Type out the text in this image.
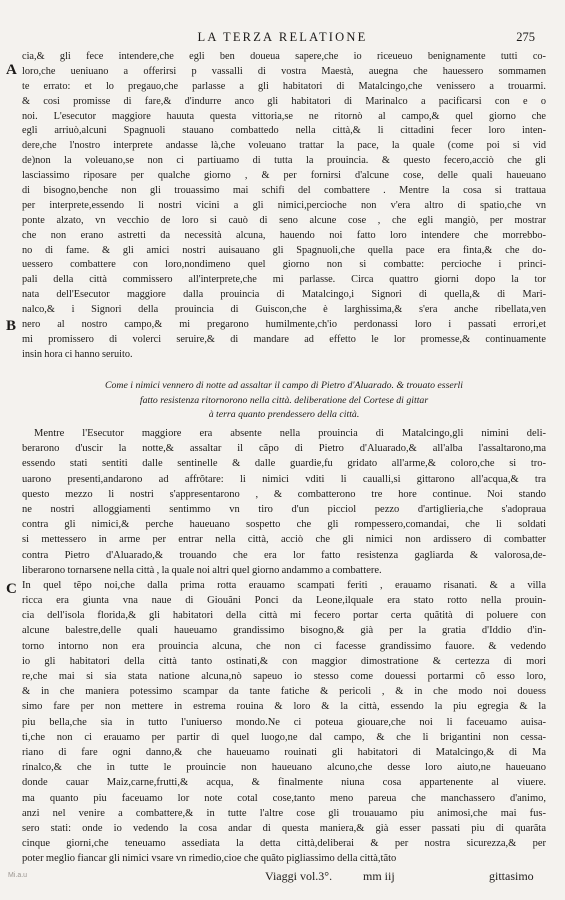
LA TERZA RELATIONE	275
A
B
C
cia,& gli fece intendere,che egli ben doueua sapere,che io riceueuo benignamente tutti co-
loro,che ueniuano a offerirsi p vassalli di vostra Maestà, auegna che hauessero sommamen
te errato: et lo pregauo,che parlasse a gli habitatori di Matalcingo,che venissero a trouarmi.
& cosi promisse di fare,& d'indurre anco gli habitatori di Marinalco a pacificarsi con e o
noi. L'esecutor maggiore hauuta questa vittoria,se ne ritornò al campo,& quel giorno che
egli arriuò,alcuni Spagnuoli stauano combattedo nella città,& li cittadini fecer loro inten-
dere,che l'nostro interprete andasse là,che voleuano trattar la pace, la quale (come poi si vid
de)non la voleuano,se non ci partiuamo di tutta la prouincia. & questo fecero,acciò che gli
lasciassimo riposare per qualche giorno , & per fornirsi d'alcune cose, delle quali haueuano
di bisogno,benche non gli trouassimo mai schifi del combattere . Mentre la cosa si trattaua
per interprete,essendo li nostri vicini a gli nimici,percioche non v'era altro di spatio,che vn
ponte alzato, vn vecchio de loro si cauò di seno alcune cose , che egli mangiò, per mostrar
che non erano astretti da necessità alcuna, hauendo noi fatto loro intendere che morrebbo-
no di fame. & gli amici nostri auisauano gli Spagnuoli,che quella pace era finta,& che do-
uessero combattere con loro,nondimeno quel giorno non si combatte: percioche i princi-
pali della città commissero all'interprete,che mi parlasse. Circa quattro giorni dopo la tor
nata dell'Esecutor maggiore dalla prouincia di Matalcingo,i Signori di quella,& di Mari-
nalco,& i Signori della prouincia di Guiscon,che è larghissima,& s'era anche ribellata,ven
nero al nostro campo,& mi pregarono humilmente,ch'io perdonassi loro i passati errori,et
mi promissero di volerci seruire,& di mandare ad effetto le lor promesse,& continuamente
insin hora ci hanno seruito.
Come i nimici vennero di notte ad assaltar il campo di Pietro d'Aluarado. & trouato esserli
fatto resistenza ritornorono nella città. deliberatione del Cortese di gittar
à terra quanto prendessero della città.
Mentre l'Esecutor maggiore era absente nella prouincia di Matalcingo,gli nimini deli-
berarono d'uscir la notte,& assaltar il cãpo di Pietro d'Aluarado,& all'alba l'assaltarono,ma
essendo stati sentiti dalle sentinelle & dalle guardie,fu gridato all'arme,& coloro,che si tro-
uarono presenti,andarono ad affrõtare: li nimici vditi li caualli,si gittarono all'acqua,& tra
questo mezzo li nostri s'appresentarono , & combatterono tre hore continue. Noi stando
ne nostri alloggiamenti sentimmo vn tiro d'un picciol pezzo d'artiglieria,che s'adopraua
contra gli nimici,& perche haueuano sospetto che gli rompessero,comandai, che li soldati
si mettessero in arme per entrar nella città, acciò che gli nimici non ardissero di combatter
contra Pietro d'Aluarado,& trouando che era lor fatto resistenza gagliarda & valorosa,de-
liberarono tornarsene nella città , la quale noi altri quel giorno andammo a combattere.
In quel tẽpo noi,che dalla prima rotta erauamo scampati feriti , erauamo risanati. & a villa
ricca era giunta vna naue di Giouãni Ponci da Leone,ilquale era stato rotto nella prouin-
cia dell'isola florida,& gli habitatori della città mi fecero portar certa quãtità di poluere con
alcune balestre,delle quali haueuamo grandissimo bisogno,& già per la gratia d'Iddio d'in-
torno intorno non era prouincia alcuna, che non ci facesse grandissimo fauore. & vedendo
io gli habitatori della città tanto ostinati,& con maggior dimostratione & certezza di mori
re,che mai si sia stata natione alcuna,nò sapeuo io stesso come douessi portarmi cõ esso loro,
& in che maniera potessimo scampar da tante fatiche & pericoli , & in che modo noi douess
simo fare per non mettere in estrema rouina & loro & la città, essendo la piu egregia & la
piu bella,che sia in tutto l'uniuerso mondo.Ne ci poteua giouare,che noi li faceuamo auisa-
ti,che non ci erauamo per partir di quel luogo,ne dal campo, & che li brigantini non cessa-
riano di fare ogni danno,& che haueuamo rouinati gli habitatori di Matalcingo,& di Ma
rinalco,& che in tutte le prouincie non haueuano alcuno,che desse loro aiuto,ne haueuano
donde cauar Maiz,carne,frutti,& acqua, & finalmente niuna cosa appartenente al viuere.
ma quanto piu faceuamo lor note cotal cose,tanto meno pareua che manchassero d'animo,
anzi nel venire a combattere,& in tutte l'altre cose gli trouauamo piu animosi,che mai fus-
sero stati: onde io vedendo la cosa andar di questa maniera,& già esser passati piu di quarãta
cinque giorni,che teneuamo assediata la detta città,deliberai & per nostra sicurezza,& per
poter meglio fiancar gli nimici vsare vn rimedio,cioe che quãto pigliassimo della città,tãto
Viaggi vol.3°.	mm iij	gittasimo
Mi.a.u
